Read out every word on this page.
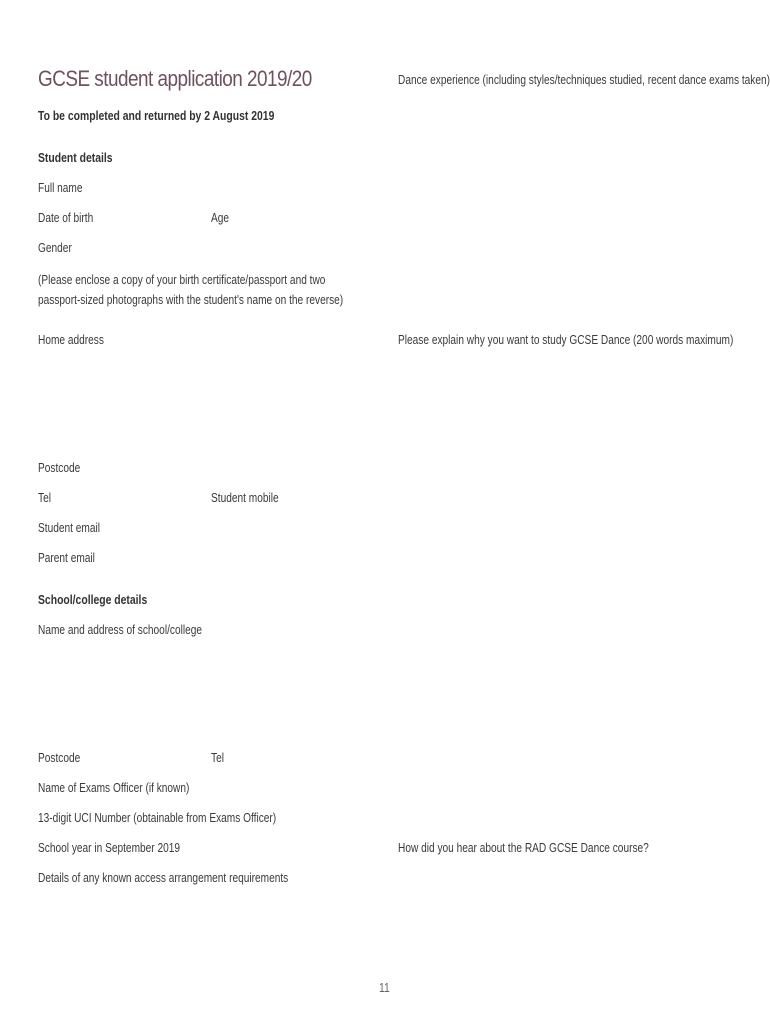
GCSE student application 2019/20
To be completed and returned by 2 August 2019
Student details
Full name
Date of birth	Age
Gender
(Please enclose a copy of your birth certificate/passport and two passport-sized photographs with the student's name on the reverse)
Home address
Postcode
Tel	Student mobile
Student email
Parent email
School/college details
Name and address of school/college
Postcode	Tel
Name of Exams Officer (if known)
13-digit UCI Number (obtainable from Exams Officer)
School year in September 2019
Details of any known access arrangement requirements
Dance experience (including styles/techniques studied, recent dance exams taken)
Please explain why you want to study GCSE Dance (200 words maximum)
How did you hear about the RAD GCSE Dance course?
11
